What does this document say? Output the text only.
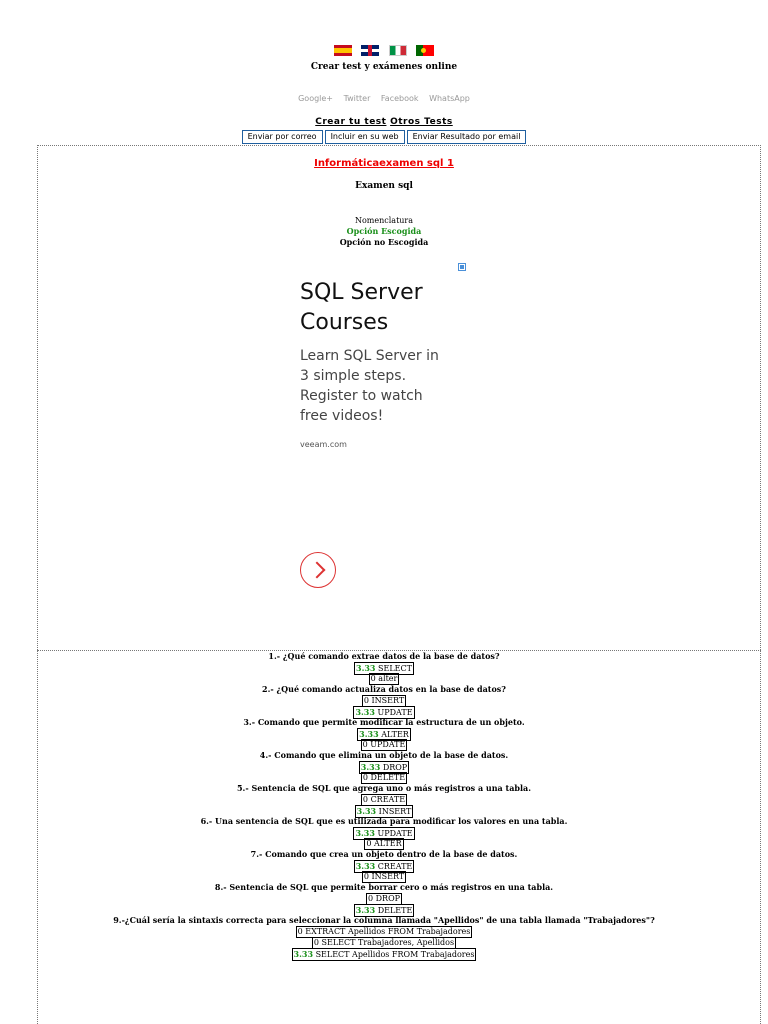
Crear test y exámenes online
Google+ Twitter Facebook WhatsApp
Crear tu test Otros Tests
Enviar por correo Incluir en su web Enviar Resultado por email
Informáticaexamen sql 1
Examen sql
Nomenclatura
Opción Escogida
Opción no Escogida
SQL Server Courses
Learn SQL Server in 3 simple steps. Register to watch free videos!
veeam.com
1.- ¿Qué comando extrae datos de la base de datos?
3.33 SELECT
0 alter
2.- ¿Qué comando actualiza datos en la base de datos?
0 INSERT
3.33 UPDATE
3.- Comando que permite modificar la estructura de un objeto.
3.33 ALTER
0 UPDATE
4.- Comando que elimina un objeto de la base de datos.
3.33 DROP
0 DELETE
5.- Sentencia de SQL que agrega uno o más registros a una tabla.
0 CREATE
3.33 INSERT
6.- Una sentencia de SQL que es utilizada para modificar los valores en una tabla.
3.33 UPDATE
0 ALTER
7.- Comando que crea un objeto dentro de la base de datos.
3.33 CREATE
0 INSERT
8.- Sentencia de SQL que permite borrar cero o más registros en una tabla.
0 DROP
3.33 DELETE
9.-¿Cuál sería la sintaxis correcta para seleccionar la columna llamada "Apellidos" de una tabla llamada "Trabajadores"?
0 EXTRACT Apellidos FROM Trabajadores
0 SELECT Trabajadores, Apellidos
3.33 SELECT Apellidos FROM Trabajadores
